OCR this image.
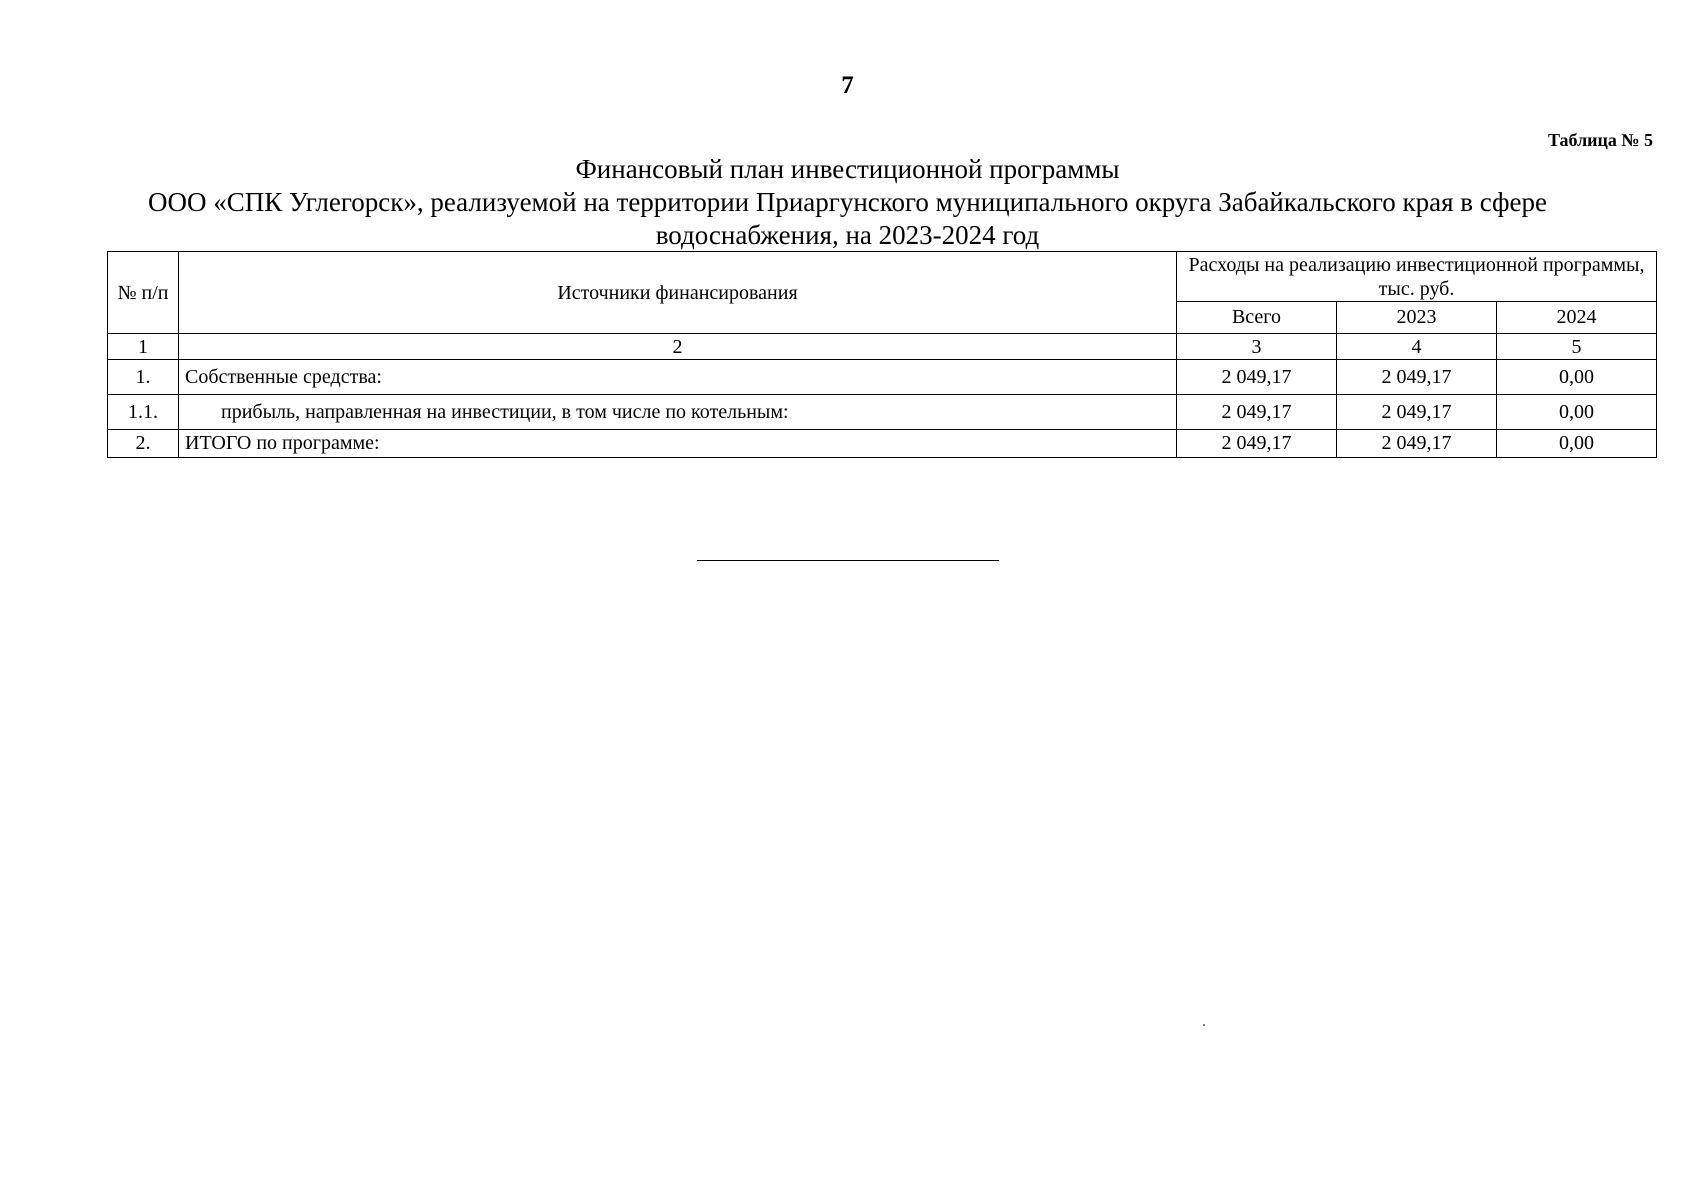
7
Таблица № 5
Финансовый план инвестиционной программы
ООО «СПК Углегорск», реализуемой на территории Приаргунского муниципального округа Забайкальского края в сфере
водоснабжения, на 2023-2024 год
№ п/п	Источники финансирования	Расходы на реализацию инвестиционной программы, тыс. руб.		
		Всего	2023	2024
1	2	3	4	5
1.	Собственные средства:	2 049,17	2 049,17	0,00
1.1.	прибыль, направленная на инвестиции, в том числе по котельным:	2 049,17	2 049,17	0,00
2.	ИТОГО по программе:	2 049,17	2 049,17	0,00
